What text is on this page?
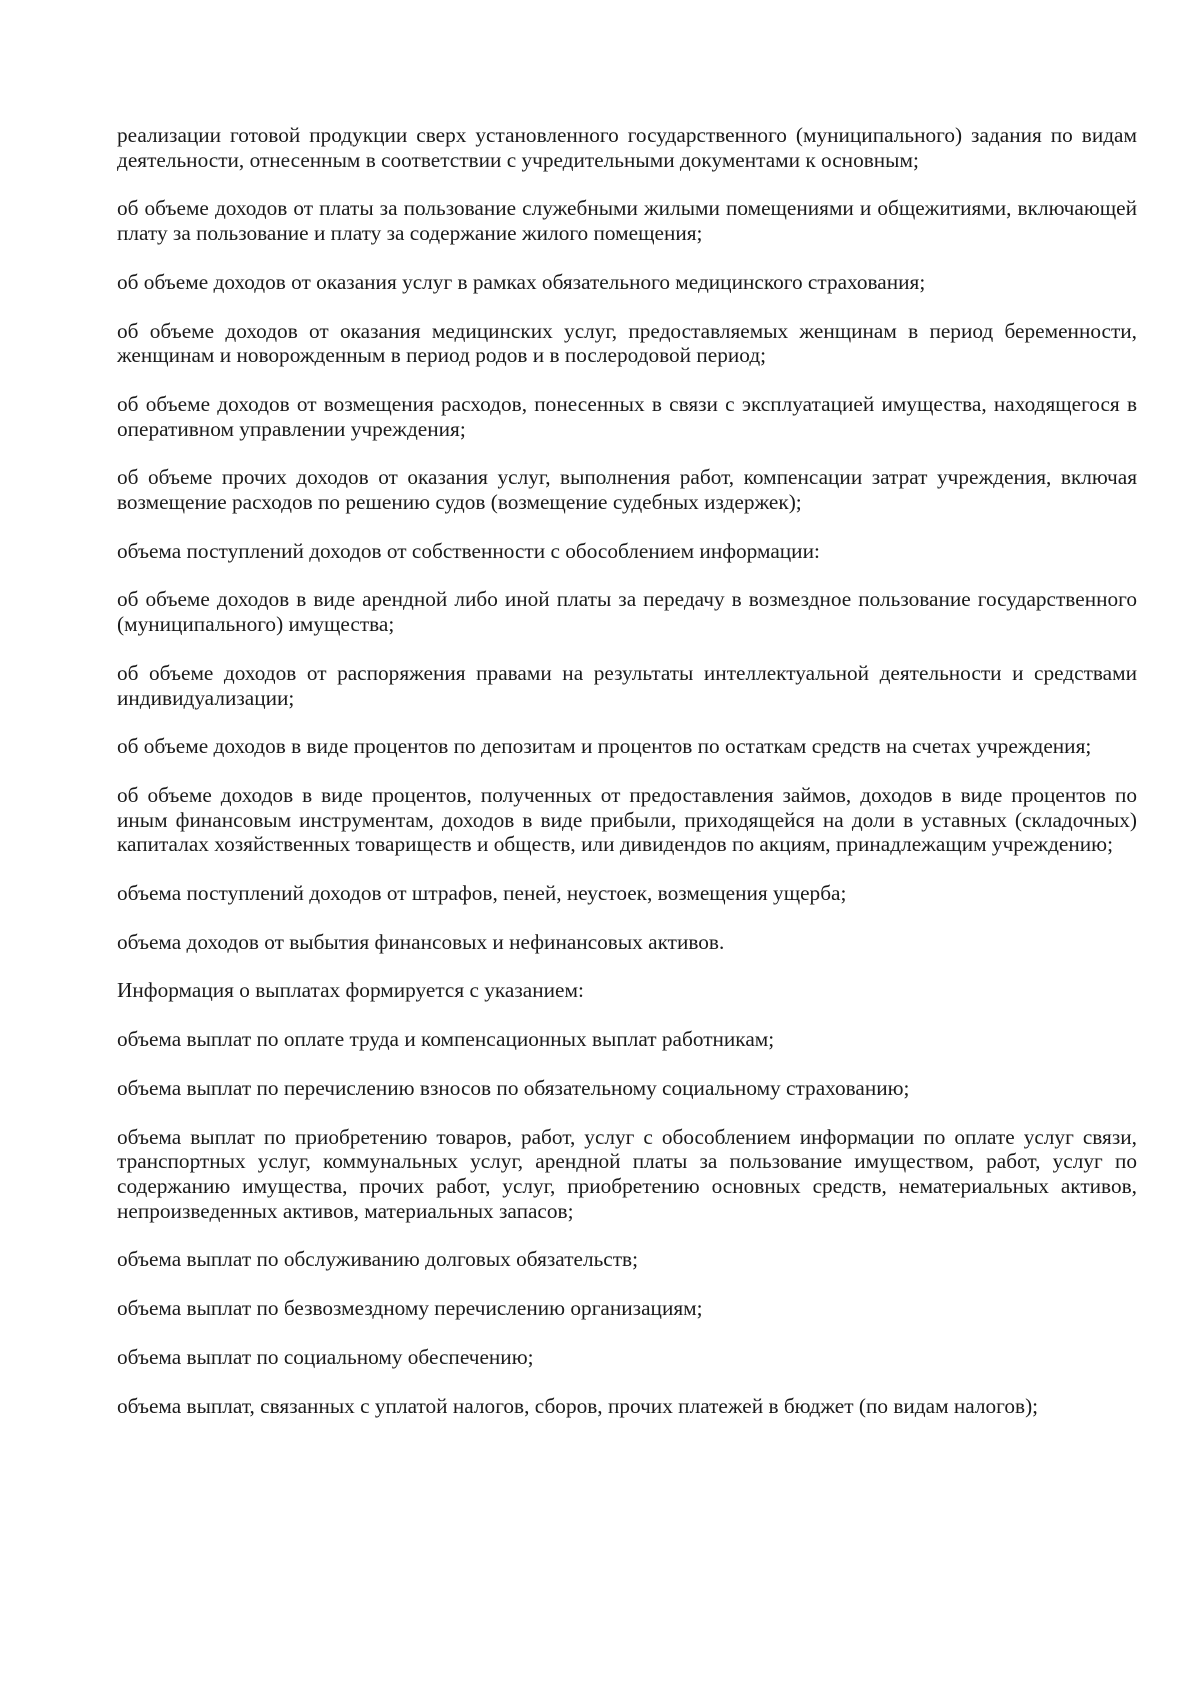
реализации готовой продукции сверх установленного государственного (муниципального) задания по видам деятельности, отнесенным в соответствии с учредительными документами к основным;

об объеме доходов от платы за пользование служебными жилыми помещениями и общежитиями, включающей плату за пользование и плату за содержание жилого помещения;

об объеме доходов от оказания услуг в рамках обязательного медицинского страхования;

об объеме доходов от оказания медицинских услуг, предоставляемых женщинам в период беременности, женщинам и новорожденным в период родов и в послеродовой период;

об объеме доходов от возмещения расходов, понесенных в связи с эксплуатацией имущества, находящегося в оперативном управлении учреждения;

об объеме прочих доходов от оказания услуг, выполнения работ, компенсации затрат учреждения, включая возмещение расходов по решению судов (возмещение судебных издержек);

объема поступлений доходов от собственности с обособлением информации:

об объеме доходов в виде арендной либо иной платы за передачу в возмездное пользование государственного (муниципального) имущества;

об объеме доходов от распоряжения правами на результаты интеллектуальной деятельности и средствами индивидуализации;

об объеме доходов в виде процентов по депозитам и процентов по остаткам средств на счетах учреждения;

об объеме доходов в виде процентов, полученных от предоставления займов, доходов в виде процентов по иным финансовым инструментам, доходов в виде прибыли, приходящейся на доли в уставных (складочных) капиталах хозяйственных товариществ и обществ, или дивидендов по акциям, принадлежащим учреждению;

объема поступлений доходов от штрафов, пеней, неустоек, возмещения ущерба;

объема доходов от выбытия финансовых и нефинансовых активов.

Информация о выплатах формируется с указанием:

объема выплат по оплате труда и компенсационных выплат работникам;

объема выплат по перечислению взносов по обязательному социальному страхованию;

объема выплат по приобретению товаров, работ, услуг с обособлением информации по оплате услуг связи, транспортных услуг, коммунальных услуг, арендной платы за пользование имуществом, работ, услуг по содержанию имущества, прочих работ, услуг, приобретению основных средств, нематериальных активов, непроизведенных активов, материальных запасов;

объема выплат по обслуживанию долговых обязательств;

объема выплат по безвозмездному перечислению организациям;

объема выплат по социальному обеспечению;

объема выплат, связанных с уплатой налогов, сборов, прочих платежей в бюджет (по видам налогов);
